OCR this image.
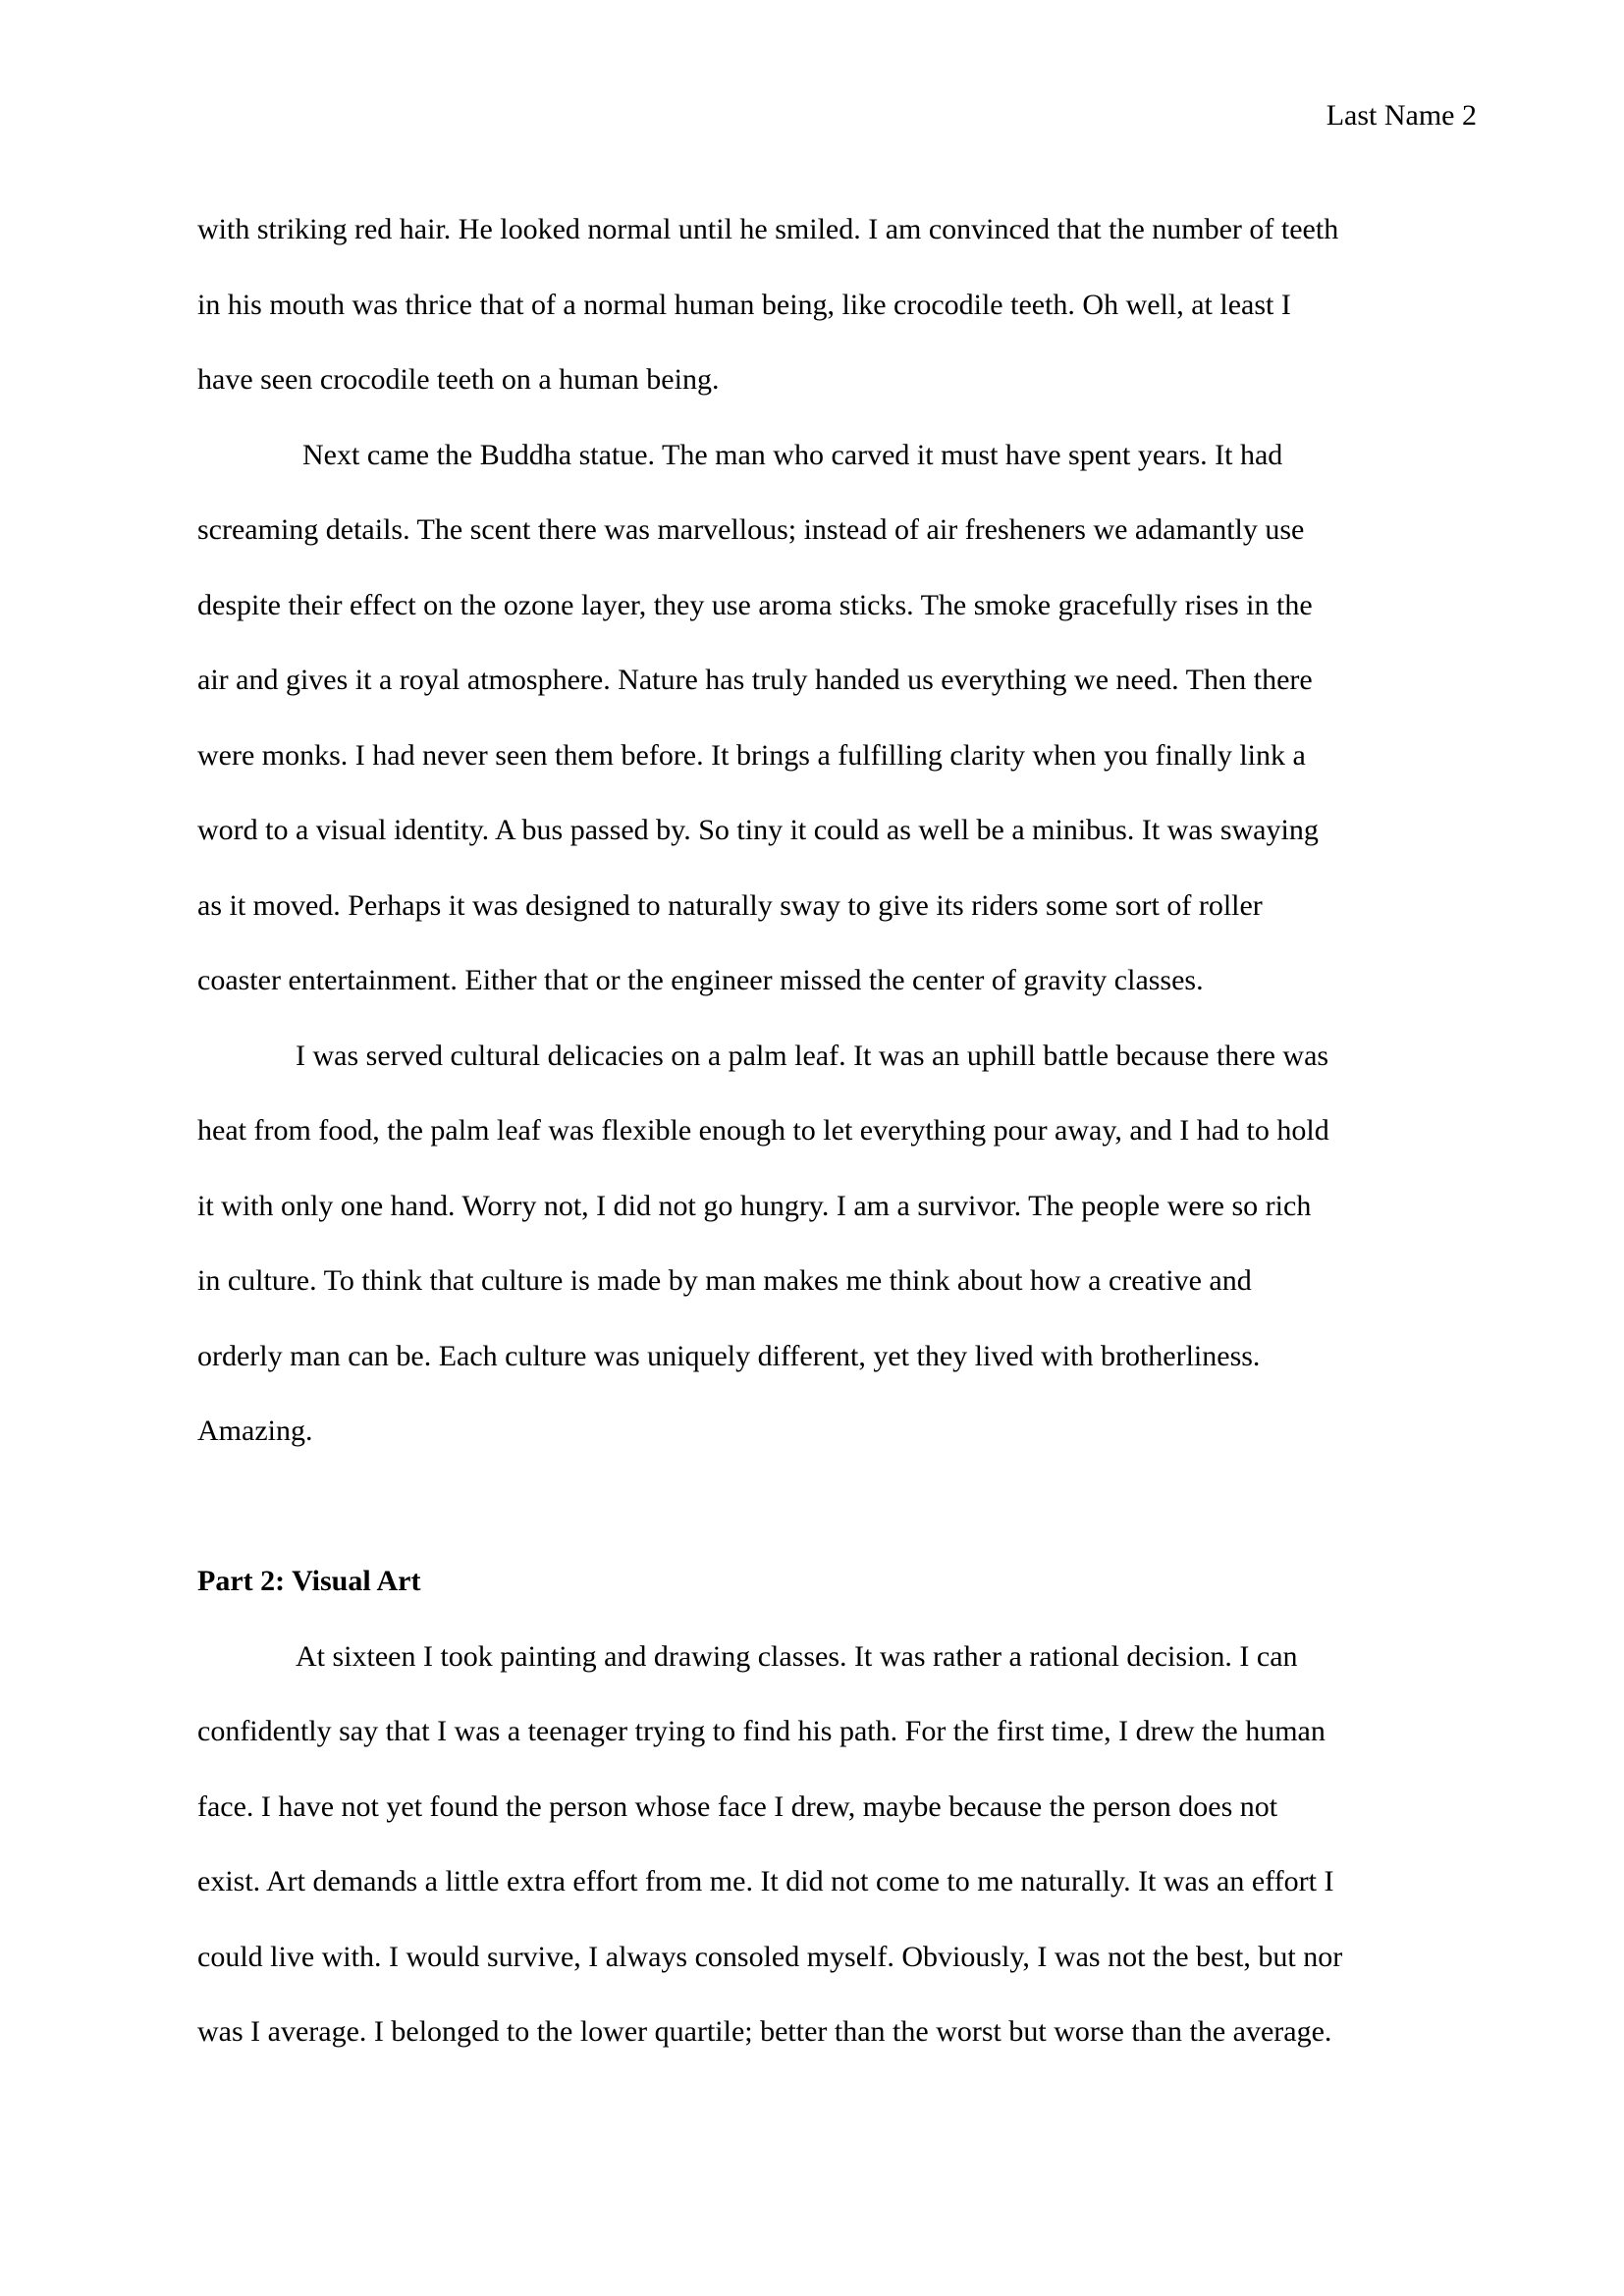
Last Name 2

with striking red hair. He looked normal until he smiled. I am convinced that the number of teeth
in his mouth was thrice that of a normal human being, like crocodile teeth. Oh well, at least I
have seen crocodile teeth on a human being.

Next came the Buddha statue. The man who carved it must have spent years. It had
screaming details. The scent there was marvellous; instead of air fresheners we adamantly use
despite their effect on the ozone layer, they use aroma sticks. The smoke gracefully rises in the
air and gives it a royal atmosphere. Nature has truly handed us everything we need. Then there
were monks. I had never seen them before. It brings a fulfilling clarity when you finally link a
word to a visual identity. A bus passed by. So tiny it could as well be a minibus. It was swaying
as it moved. Perhaps it was designed to naturally sway to give its riders some sort of roller
coaster entertainment. Either that or the engineer missed the center of gravity classes.

I was served cultural delicacies on a palm leaf. It was an uphill battle because there was
heat from food, the palm leaf was flexible enough to let everything pour away, and I had to hold
it with only one hand. Worry not, I did not go hungry. I am a survivor. The people were so rich
in culture. To think that culture is made by man makes me think about how a creative and
orderly man can be. Each culture was uniquely different, yet they lived with brotherliness.
Amazing.

Part 2: Visual Art

At sixteen I took painting and drawing classes. It was rather a rational decision. I can
confidently say that I was a teenager trying to find his path. For the first time, I drew the human
face. I have not yet found the person whose face I drew, maybe because the person does not
exist. Art demands a little extra effort from me. It did not come to me naturally. It was an effort I
could live with. I would survive, I always consoled myself. Obviously, I was not the best, but nor
was I average. I belonged to the lower quartile; better than the worst but worse than the average.
